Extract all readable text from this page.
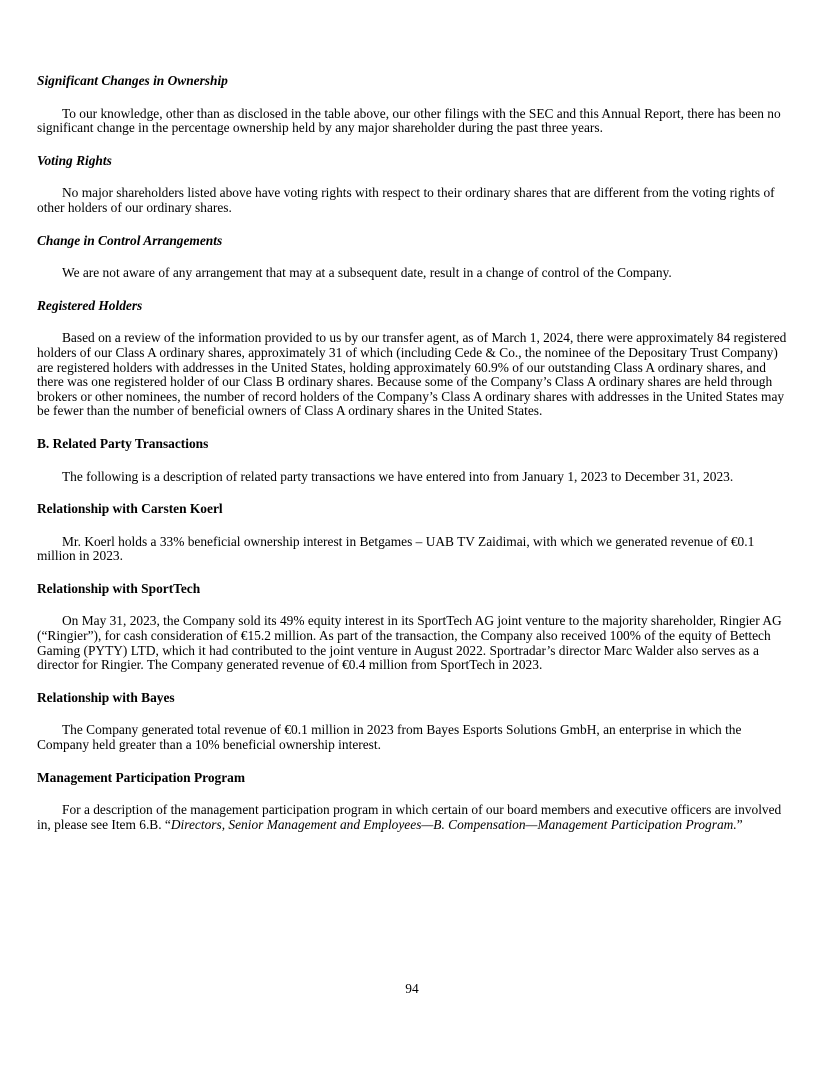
Significant Changes in Ownership

To our knowledge, other than as disclosed in the table above, our other filings with the SEC and this Annual Report, there has been no significant change in the percentage ownership held by any major shareholder during the past three years.

Voting Rights

No major shareholders listed above have voting rights with respect to their ordinary shares that are different from the voting rights of other holders of our ordinary shares.

Change in Control Arrangements

We are not aware of any arrangement that may at a subsequent date, result in a change of control of the Company.

Registered Holders

Based on a review of the information provided to us by our transfer agent, as of March 1, 2024, there were approximately 84 registered holders of our Class A ordinary shares, approximately 31 of which (including Cede & Co., the nominee of the Depositary Trust Company) are registered holders with addresses in the United States, holding approximately 60.9% of our outstanding Class A ordinary shares, and there was one registered holder of our Class B ordinary shares. Because some of the Company’s Class A ordinary shares are held through brokers or other nominees, the number of record holders of the Company’s Class A ordinary shares with addresses in the United States may be fewer than the number of beneficial owners of Class A ordinary shares in the United States.

B. Related Party Transactions

The following is a description of related party transactions we have entered into from January 1, 2023 to December 31, 2023.

Relationship with Carsten Koerl

Mr. Koerl holds a 33% beneficial ownership interest in Betgames – UAB TV Zaidimai, with which we generated revenue of €0.1 million in 2023.

Relationship with SportTech

On May 31, 2023, the Company sold its 49% equity interest in its SportTech AG joint venture to the majority shareholder, Ringier AG (“Ringier”), for cash consideration of €15.2 million. As part of the transaction, the Company also received 100% of the equity of Bettech Gaming (PYTY) LTD, which it had contributed to the joint venture in August 2022. Sportradar’s director Marc Walder also serves as a director for Ringier. The Company generated revenue of €0.4 million from SportTech in 2023.

Relationship with Bayes

The Company generated total revenue of €0.1 million in 2023 from Bayes Esports Solutions GmbH, an enterprise in which the Company held greater than a 10% beneficial ownership interest.

Management Participation Program

For a description of the management participation program in which certain of our board members and executive officers are involved in, please see Item 6.B. “Directors, Senior Management and Employees—B. Compensation—Management Participation Program.”

94
